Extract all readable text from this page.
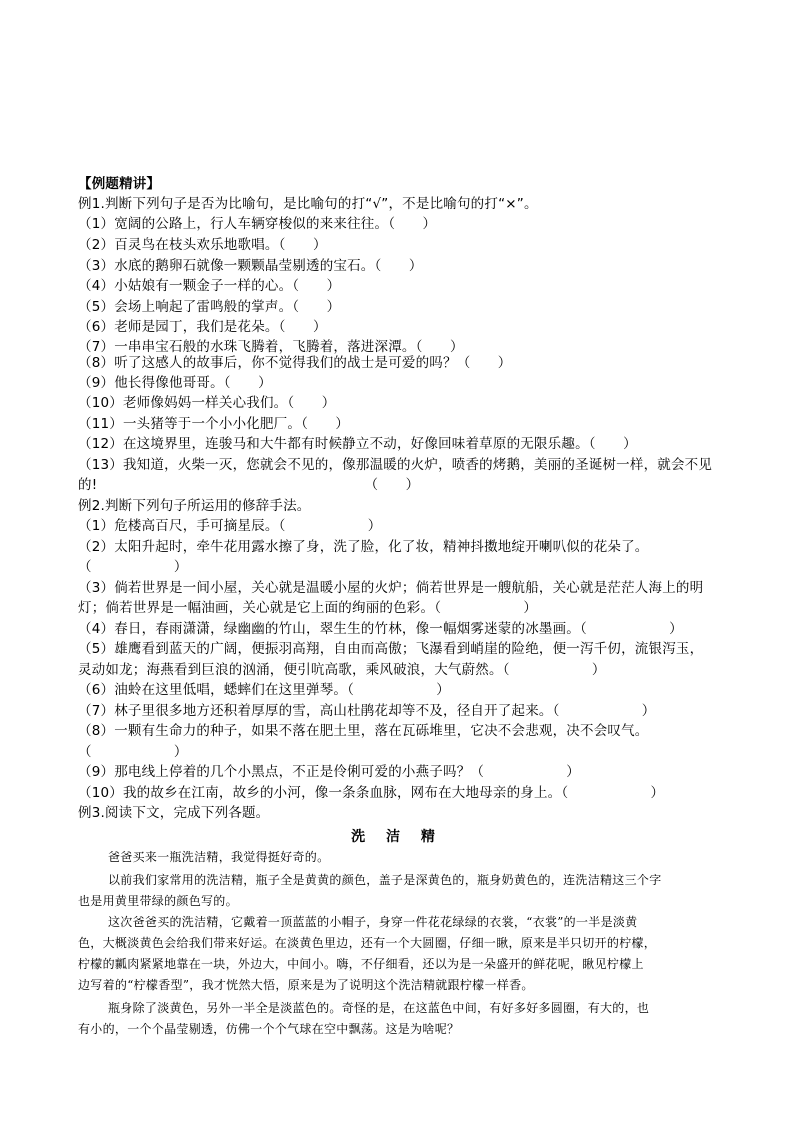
【例题精讲】
例1.判断下列句子是否为比喻句，是比喻句的打“√”，不是比喻句的打“×”。
（1）宽阔的公路上，行人车辆穿梭似的来来往往。（　　）
（2）百灵鸟在枝头欢乐地歌唱。（　　）
（3）水底的鹅卵石就像一颗颗晶莹剔透的宝石。（　　）
（4）小姑娘有一颗金子一样的心。（　　）
（5）会场上响起了雷鸣般的掌声。（　　）
（6）老师是园丁，我们是花朵。（　　）
（7）一串串宝石般的水珠飞腾着，飞腾着，落进深潭。（　　）
（8）听了这感人的故事后，你不觉得我们的战士是可爱的吗？（　　）
（9）他长得像他哥哥。（　　）
（10）老师像妈妈一样关心我们。（　　）
（11）一头猪等于一个小小化肥厂。（　　）
（12）在这境界里，连骏马和大牛都有时候静立不动，好像回味着草原的无限乐趣。（　　）
（13）我知道，火柴一灭，您就会不见的，像那温暖的火炉，喷香的烤鹅，美丽的圣诞树一样，就会不见
的!　　　　　　　　　　　　　　　　　　　　（　　）
例2.判断下列句子所运用的修辞手法。
（1）危楼高百尺，手可摘星辰。（　　　　　　）
（2）太阳升起时，牵牛花用露水擦了身，洗了脸，化了妆，精神抖擞地绽开喇叭似的花朵了。
（　　　　　　）
（3）倘若世界是一间小屋，关心就是温暖小屋的火炉；倘若世界是一艘航船，关心就是茫茫人海上的明
灯；倘若世界是一幅油画，关心就是它上面的绚丽的色彩。（　　　　　　）
（4）春日，春雨潇潇，绿幽幽的竹山，翠生生的竹林，像一幅烟雾迷蒙的冰墨画。（　　　　　　）
（5）雄鹰看到蓝天的广阔，便振羽高翔，自由而高傲；飞瀑看到峭崖的险绝，便一泻千仞，流银泻玉，
灵动如龙；海燕看到巨浪的汹涌，便引吭高歌，乘风破浪，大气蔚然。（　　　　　　）
（6）油蛉在这里低唱，蟋蟀们在这里弹琴。（　　　　　　）
（7）林子里很多地方还积着厚厚的雪，高山杜鹃花却等不及，径自开了起来。（　　　　　　）
（8）一颗有生命力的种子，如果不落在肥土里，落在瓦砾堆里，它决不会悲观，决不会叹气。
（　　　　　　）
（9）那电线上停着的几个小黑点，不正是伶俐可爱的小燕子吗？（　　　　　　）
（10）我的故乡在江南，故乡的小河，像一条条血脉，网布在大地母亲的身上。（　　　　　　）
例3.阅读下文，完成下列各题。
洗 洁 精
爸爸买来一瓶洗洁精，我觉得挺好奇的。
以前我们家常用的洗洁精，瓶子全是黄黄的颜色，盖子是深黄色的，瓶身奶黄色的，连洗洁精这三个字
也是用黄里带绿的颜色写的。
这次爸爸买的洗洁精，它戴着一顶蓝蓝的小帽子，身穿一件花花绿绿的衣裳，“衣裳”的一半是淡黄
色，大概淡黄色会给我们带来好运。在淡黄色里边，还有一个大圆圈，仔细一瞅，原来是半只切开的柠檬，
柠檬的瓤肉紧紧地靠在一块，外边大，中间小。嗨，不仔细看，还以为是一朵盛开的鲜花呢，瞅见柠檬上
边写着的“柠檬香型”，我才恍然大悟，原来是为了说明这个洗洁精就跟柠檬一样香。
瓶身除了淡黄色，另外一半全是淡蓝色的。奇怪的是，在这蓝色中间，有好多好多圆圈，有大的，也
有小的，一个个晶莹剔透，仿佛一个个气球在空中飘荡。这是为啥呢？
